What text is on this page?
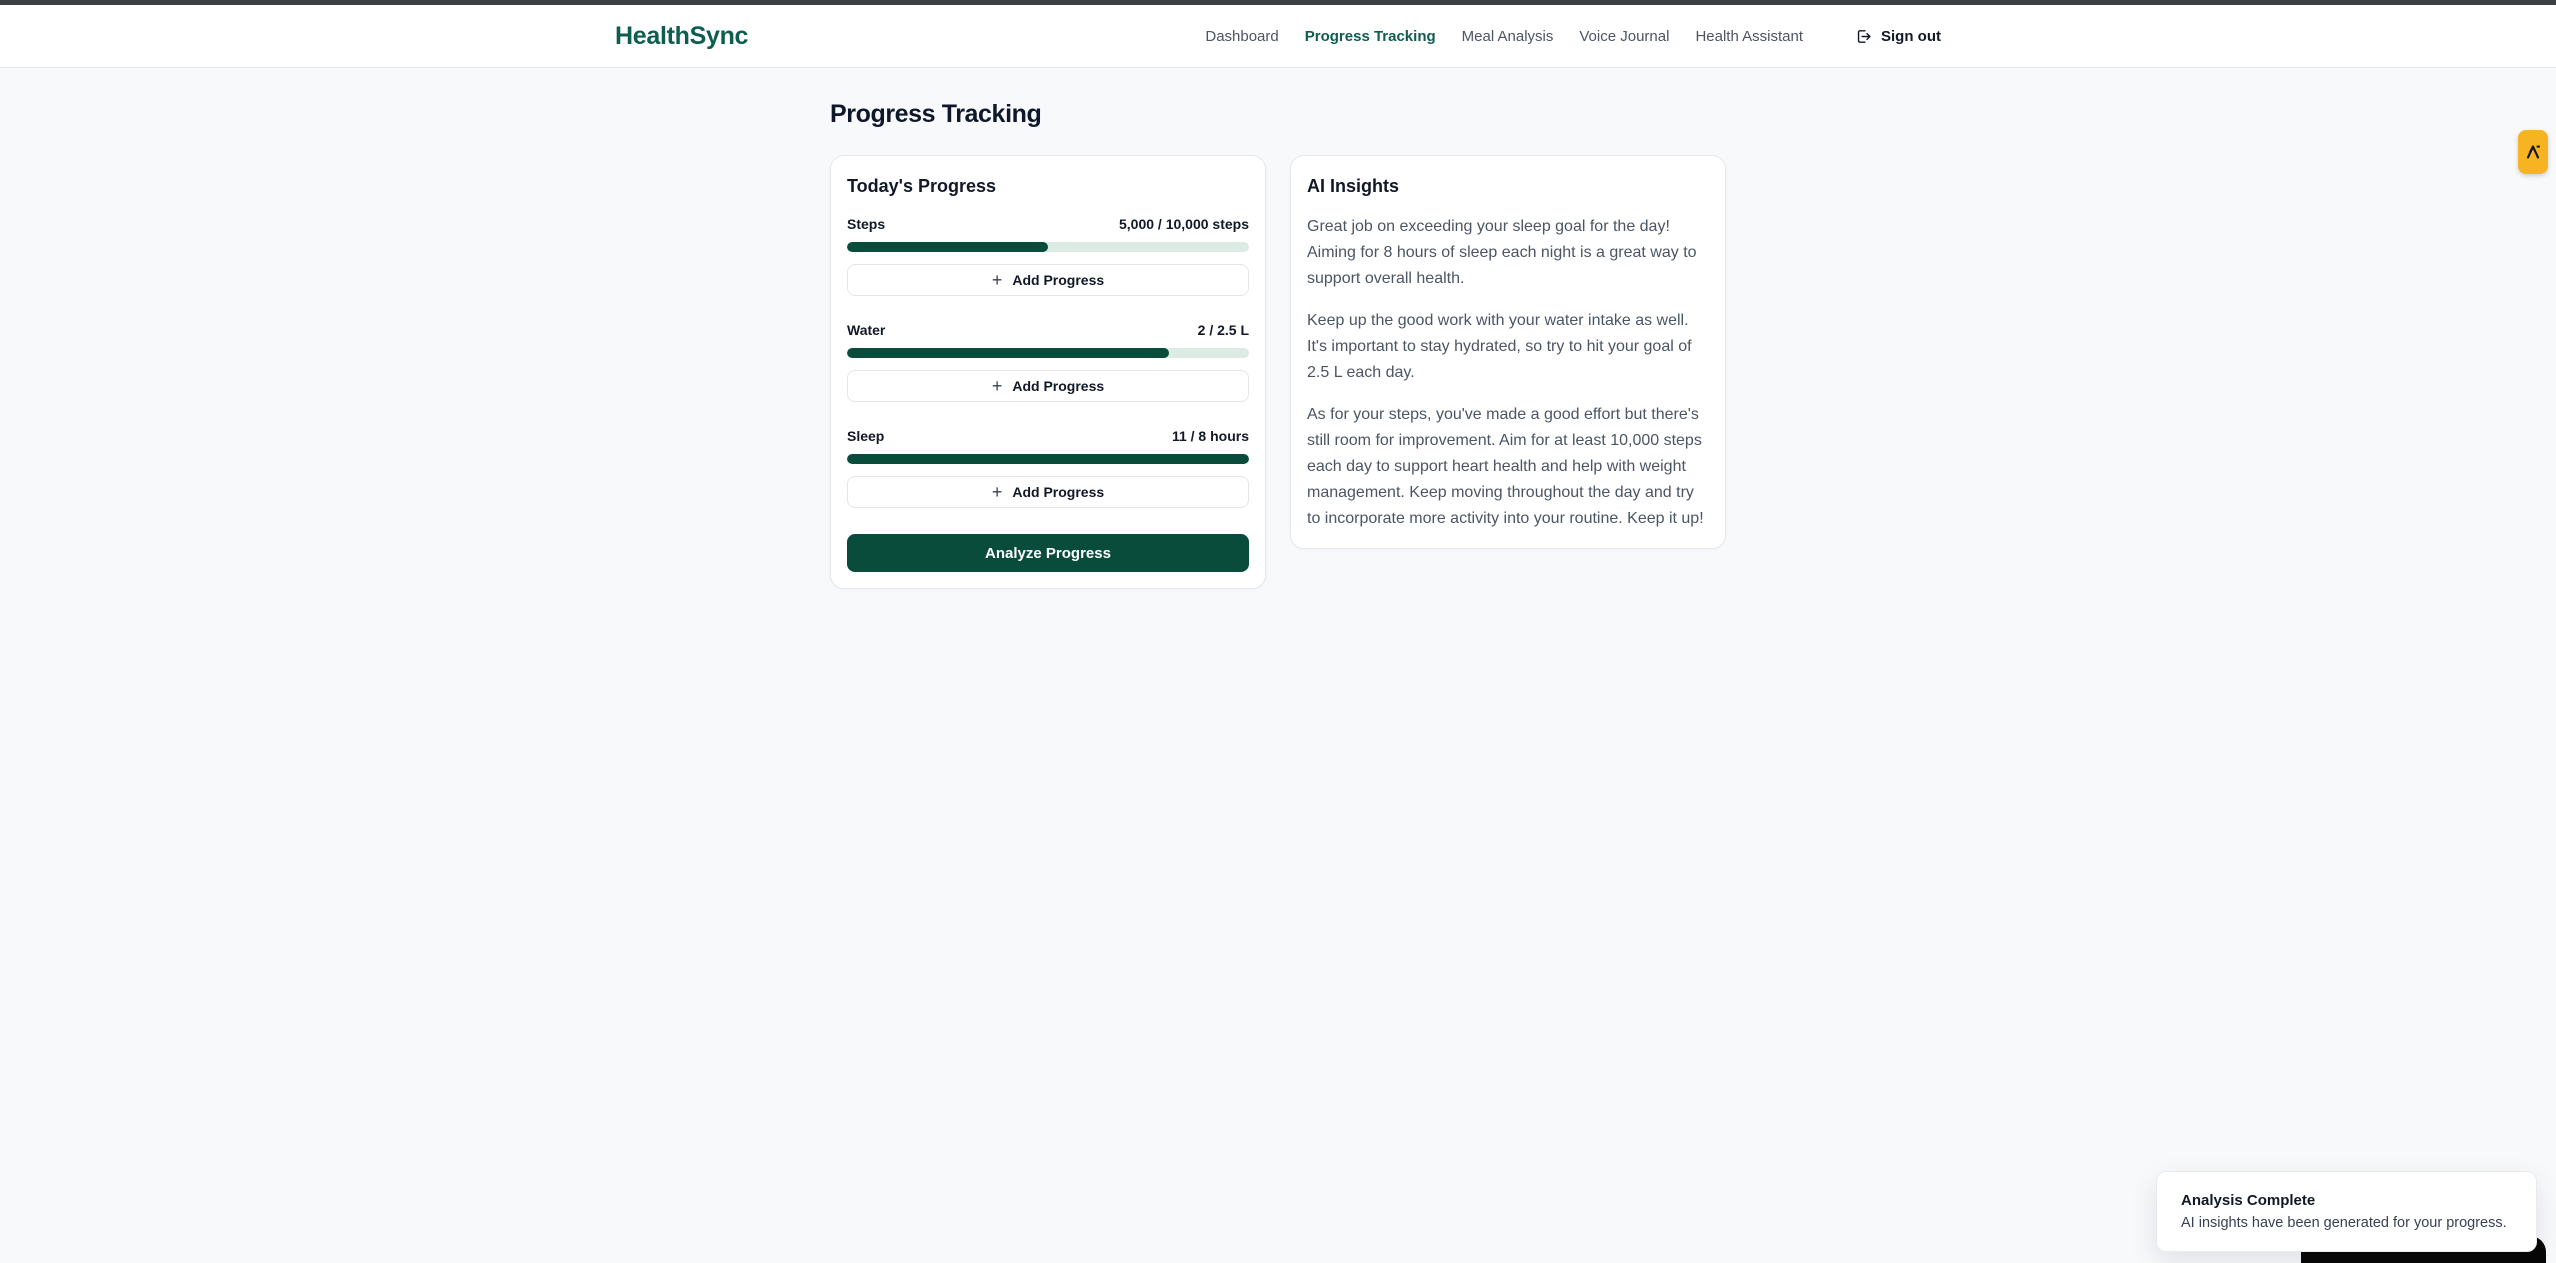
HealthSync	Dashboard Progress Tracking Meal Analysis Voice Journal Health Assistant	Sign out
Progress Tracking
Today's Progress
Steps	5,000 / 10,000 steps
+ Add Progress
Water	2 / 2.5 L
+ Add Progress
Sleep	11 / 8 hours
+ Add Progress
Analyze Progress
AI Insights

Great job on exceeding your sleep goal for the day! Aiming for 8 hours of sleep each night is a great way to support overall health.

Keep up the good work with your water intake as well. It's important to stay hydrated, so try to hit your goal of 2.5 L each day.

As for your steps, you've made a good effort but there's still room for improvement. Aim for at least 10,000 steps each day to support heart health and help with weight management. Keep moving throughout the day and try to incorporate more activity into your routine. Keep it up!

Analysis Complete
AI insights have been generated for your progress.
